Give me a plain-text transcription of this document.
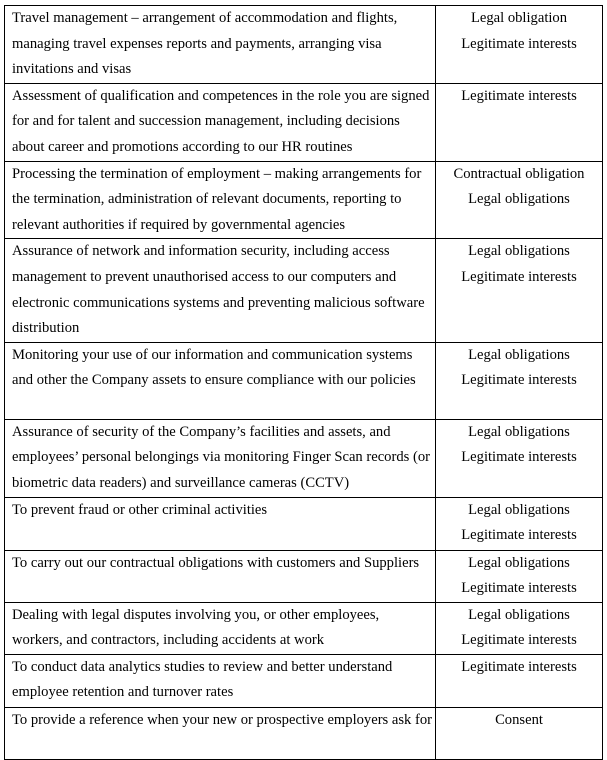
Travel management – arrangement of accommodation and flights, managing travel expenses reports and payments, arranging visa invitations and visas	Legal obligation
Legitimate interests

Assessment of qualification and competences in the role you are signed for and for talent and succession management, including decisions about career and promotions according to our HR routines	Legitimate interests

Processing the termination of employment – making arrangements for the termination, administration of relevant documents, reporting to relevant authorities if required by governmental agencies	Contractual obligation
Legal obligations

Assurance of network and information security, including access management to prevent unauthorised access to our computers and electronic communications systems and preventing malicious software distribution	Legal obligations
Legitimate interests

Monitoring your use of our information and communication systems and other the Company assets to ensure compliance with our policies	Legal obligations
Legitimate interests

Assurance of security of the Company’s facilities and assets, and employees’ personal belongings via monitoring Finger Scan records (or biometric data readers) and surveillance cameras (CCTV)	Legal obligations
Legitimate interests

To prevent fraud or other criminal activities	Legal obligations
Legitimate interests

To carry out our contractual obligations with customers and Suppliers	Legal obligations
Legitimate interests

Dealing with legal disputes involving you, or other employees, workers, and contractors, including accidents at work	Legal obligations
Legitimate interests

To conduct data analytics studies to review and better understand employee retention and turnover rates	Legitimate interests

To provide a reference when your new or prospective employers ask for	Consent
